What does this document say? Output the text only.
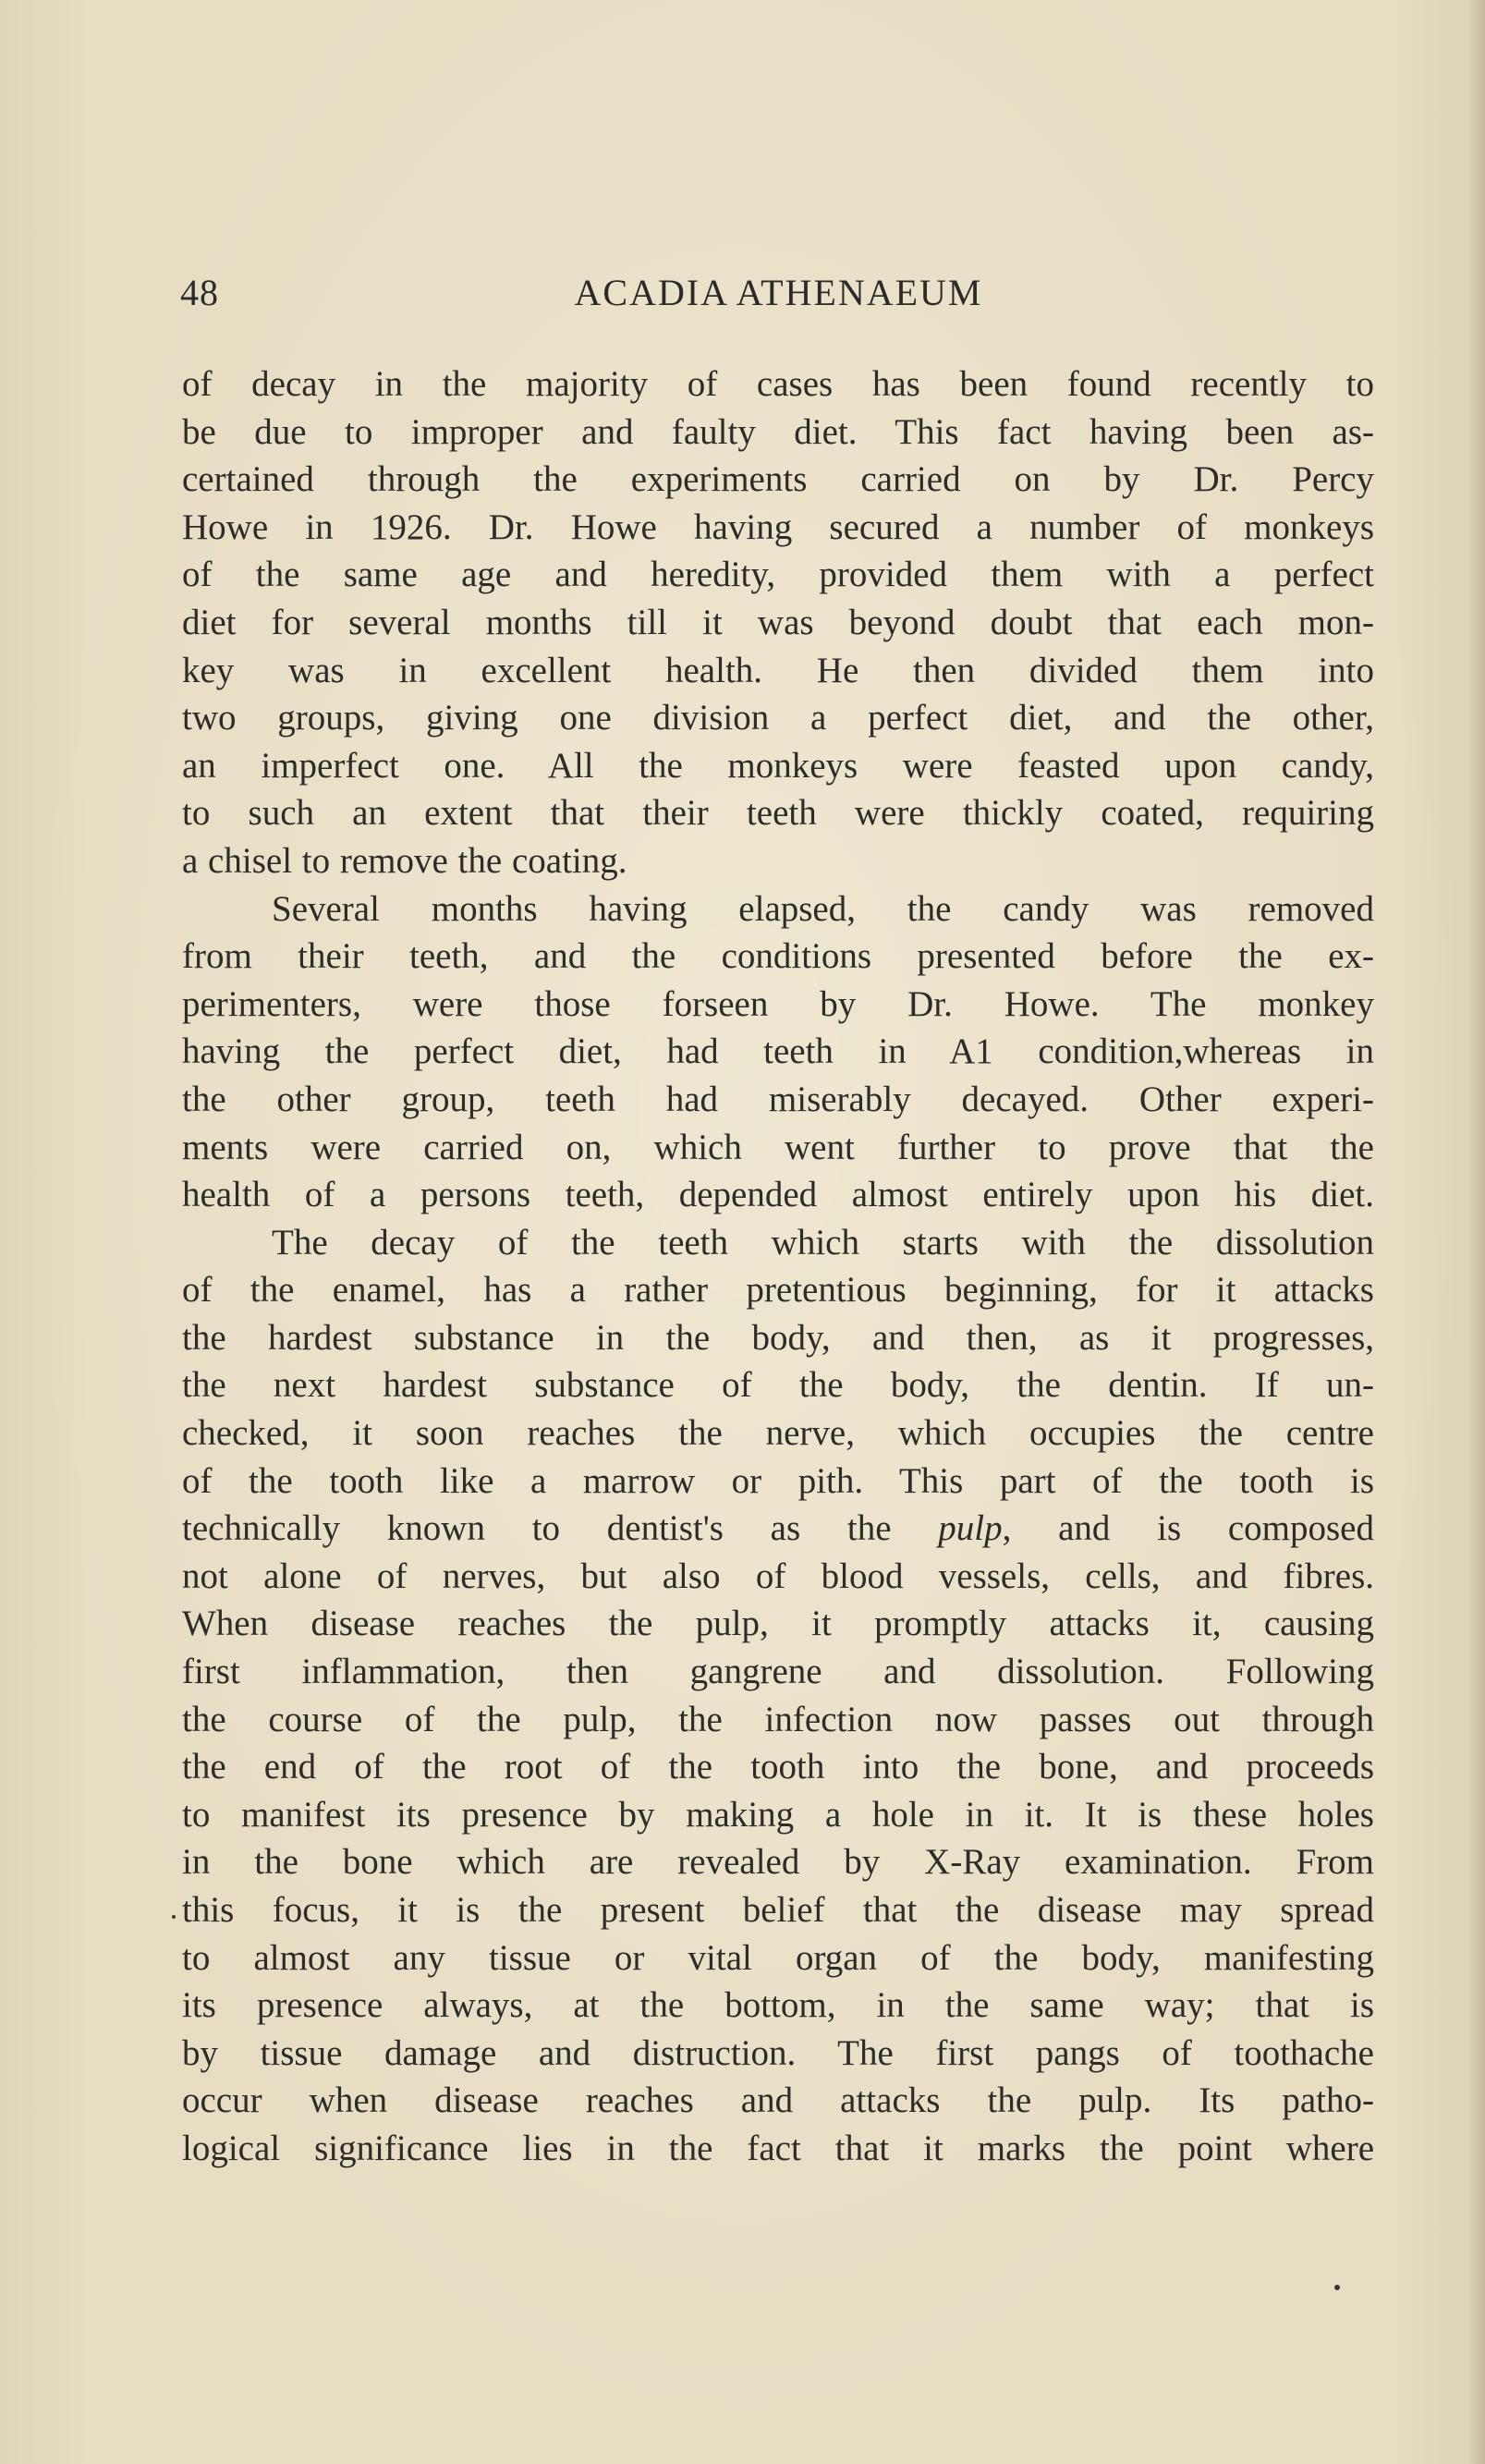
48	ACADIA ATHENAEUM

of decay in the majority of cases has been found recently to
be due to improper and faulty diet. This fact having been as-
certained through the experiments carried on by Dr. Percy
Howe in 1926. Dr. Howe having secured a number of monkeys
of the same age and heredity, provided them with a perfect
diet for several months till it was beyond doubt that each mon-
key was in excellent health. He then divided them into
two groups, giving one division a perfect diet, and the other,
an imperfect one. All the monkeys were feasted upon candy,
to such an extent that their teeth were thickly coated, requiring
a chisel to remove the coating.

Several months having elapsed, the candy was removed
from their teeth, and the conditions presented before the ex-
perimenters, were those forseen by Dr. Howe. The monkey
having the perfect diet, had teeth in A1 condition,whereas in
the other group, teeth had miserably decayed. Other experi-
ments were carried on, which went further to prove that the
health of a persons teeth, depended almost entirely upon his diet.

The decay of the teeth which starts with the dissolution
of the enamel, has a rather pretentious beginning, for it attacks
the hardest substance in the body, and then, as it progresses,
the next hardest substance of the body, the dentin. If un-
checked, it soon reaches the nerve, which occupies the centre
of the tooth like a marrow or pith. This part of the tooth is
technically known to dentist's as the pulp, and is composed
not alone of nerves, but also of blood vessels, cells, and fibres.
When disease reaches the pulp, it promptly attacks it, causing
first inflammation, then gangrene and dissolution. Following
the course of the pulp, the infection now passes out through
the end of the root of the tooth into the bone, and proceeds
to manifest its presence by making a hole in it. It is these holes
in the bone which are revealed by X-Ray examination. From
this focus, it is the present belief that the disease may spread
to almost any tissue or vital organ of the body, manifesting
its presence always, at the bottom, in the same way; that is
by tissue damage and distruction. The first pangs of toothache
occur when disease reaches and attacks the pulp. Its patho-
logical significance lies in the fact that it marks the point where
